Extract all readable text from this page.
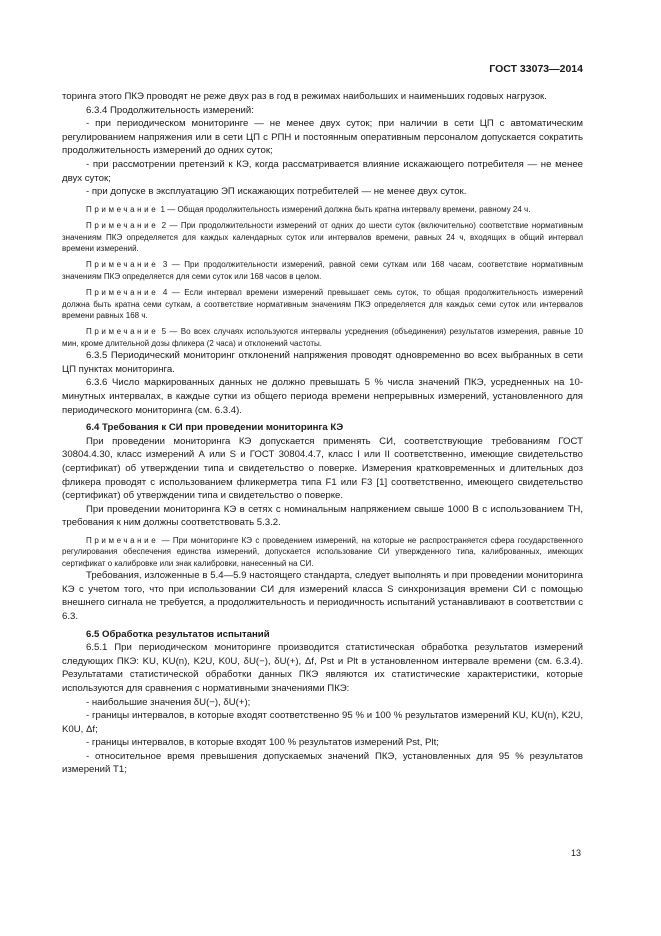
ГОСТ 33073—2014

торинга этого ПКЭ проводят не реже двух раз в год в режимах наибольших и наименьших годовых нагрузок.

6.3.4 Продолжительность измерений:

- при периодическом мониторинге — не менее двух суток; при наличии в сети ЦП с автоматическим регулированием напряжения или в сети ЦП с РПН и постоянным оперативным персоналом допускается сократить продолжительность измерений до одних суток;

- при рассмотрении претензий к КЭ, когда рассматривается влияние искажающего потребителя — не менее двух суток;

- при допуске в эксплуатацию ЭП искажающих потребителей — не менее двух суток.

Примечание 1 — Общая продолжительность измерений должна быть кратна интервалу времени, равному 24 ч.

Примечание 2 — При продолжительности измерений от одних до шести суток (включительно) соответствие нормативным значениям ПКЭ определяется для каждых календарных суток или интервалов времени, равных 24 ч, входящих в общий интервал времени измерений.

Примечание 3 — При продолжительности измерений, равной семи суткам или 168 часам, соответствие нормативным значениям ПКЭ определяется для семи суток или 168 часов в целом.

Примечание 4 — Если интервал времени измерений превышает семь суток, то общая продолжительность измерений должна быть кратна семи суткам, а соответствие нормативным значениям ПКЭ определяется для каждых семи суток или интервалов времени равных 168 ч.

Примечание 5 — Во всех случаях используются интервалы усреднения (объединения) результатов измерения, равные 10 мин, кроме длительной дозы фликера (2 часа) и отклонений частоты.

6.3.5 Периодический мониторинг отклонений напряжения проводят одновременно во всех выбранных в сети ЦП пунктах мониторинга.

6.3.6 Число маркированных данных не должно превышать 5 % числа значений ПКЭ, усредненных на 10-минутных интервалах, в каждые сутки из общего периода времени непрерывных измерений, установленного для периодического мониторинга (см. 6.3.4).

6.4 Требования к СИ при проведении мониторинга КЭ

При проведении мониторинга КЭ допускается применять СИ, соответствующие требованиям ГОСТ 30804.4.30, класс измерений А или S и ГОСТ 30804.4.7, класс I или II соответственно, имеющие свидетельство (сертификат) об утверждении типа и свидетельство о поверке. Измерения кратковременных и длительных доз фликера проводят с использованием фликерметра типа F1 или F3 [1] соответственно, имеющего свидетельство (сертификат) об утверждении типа и свидетельство о поверке.

При проведении мониторинга КЭ в сетях с номинальным напряжением свыше 1000 В с использованием ТН, требования к ним должны соответствовать 5.3.2.

Примечание — При мониторинге КЭ с проведением измерений, на которые не распространяется сфера государственного регулирования обеспечения единства измерений, допускается использование СИ утвержденного типа, калиброванных, имеющих сертификат о калибровке или знак калибровки, нанесенный на СИ.

Требования, изложенные в 5.4—5.9 настоящего стандарта, следует выполнять и при проведении мониторинга КЭ с учетом того, что при использовании СИ для измерений класса S синхронизация времени СИ с помощью внешнего сигнала не требуется, а продолжительность и периодичность испытаний устанавливают в соответствии с 6.3.

6.5 Обработка результатов испытаний

6.5.1 При периодическом мониторинге производится статистическая обработка результатов измерений следующих ПКЭ: KU, KU(n), K2U, K0U, δU(−), δU(+), Δf, Pst и Plt в установленном интервале времени (см. 6.3.4). Результатами статистической обработки данных ПКЭ являются их статистические характеристики, которые используются для сравнения с нормативными значениями ПКЭ:

- наибольшие значения δU(−), δU(+);

- границы интервалов, в которые входят соответственно 95 % и 100 % результатов измерений KU, KU(n), K2U, K0U, Δf;

- границы интервалов, в которые входят 100 % результатов измерений Pst, Plt;

- относительное время превышения допускаемых значений ПКЭ, установленных для 95 % результатов измерений T1;

13
